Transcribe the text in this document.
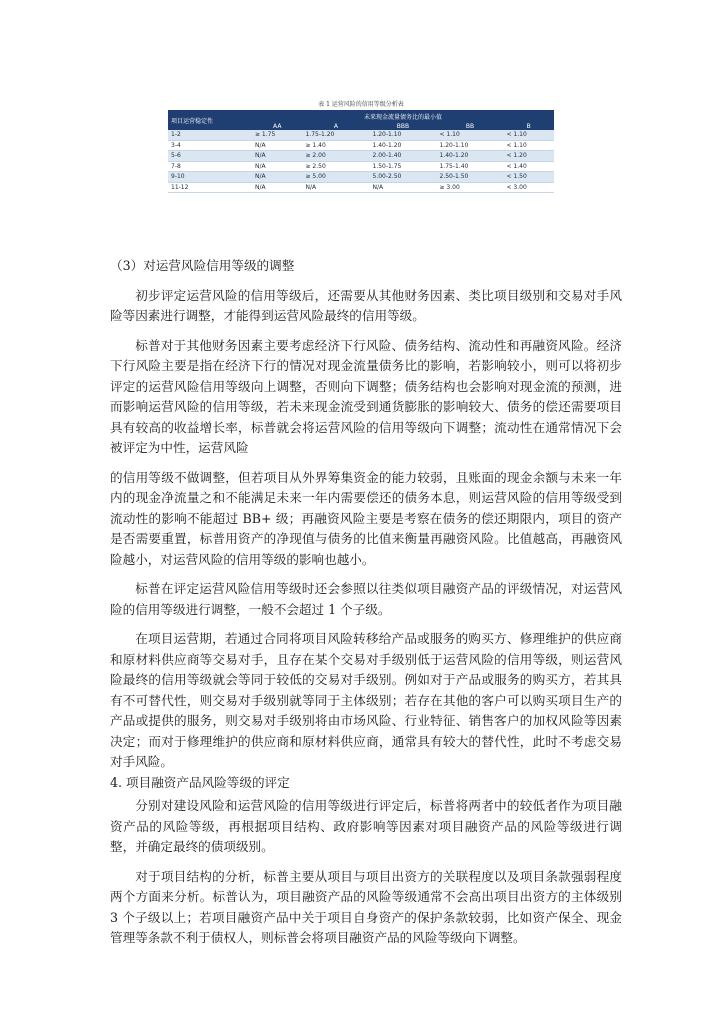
表 1 运营风险的信用等级分析表
项目运营稳定性	未来现金流量债务比的最小值				
	AA	A	BBB	BB	B
1-2	≥ 1.75	1.75-1.20	1.20-1.10	< 1.10	< 1.10
3-4	N/A	≥ 1.40	1.40-1.20	1.20-1.10	< 1.10
5-6	N/A	≥ 2.00	2.00-1.40	1.40-1.20	< 1.20
7-8	N/A	≥ 2.50	1.50-1.75	1.75-1.40	< 1.40
9-10	N/A	≥ 5.00	5.00-2.50	2.50-1.50	< 1.50
11-12	N/A	N/A	N/A	≥ 3.00	< 3.00

（3）对运营风险信用等级的调整

初步评定运营风险的信用等级后，还需要从其他财务因素、类比项目级别和交易对手风险等因素进行调整，才能得到运营风险最终的信用等级。

标普对于其他财务因素主要考虑经济下行风险、债务结构、流动性和再融资风险。经济下行风险主要是指在经济下行的情况对现金流量债务比的影响，若影响较小，则可以将初步评定的运营风险信用等级向上调整，否则向下调整；债务结构也会影响对现金流的预测，进而影响运营风险的信用等级，若未来现金流受到通货膨胀的影响较大、债务的偿还需要项目具有较高的收益增长率，标普就会将运营风险的信用等级向下调整；流动性在通常情况下会被评定为中性，运营风险

的信用等级不做调整，但若项目从外界筹集资金的能力较弱，且账面的现金余额与未来一年内的现金净流量之和不能满足未来一年内需要偿还的债务本息，则运营风险的信用等级受到流动性的影响不能超过 BB+ 级；再融资风险主要是考察在债务的偿还期限内，项目的资产是否需要重置，标普用资产的净现值与债务的比值来衡量再融资风险。比值越高，再融资风险越小，对运营风险的信用等级的影响也越小。

标普在评定运营风险信用等级时还会参照以往类似项目融资产品的评级情况，对运营风险的信用等级进行调整，一般不会超过 1 个子级。

在项目运营期，若通过合同将项目风险转移给产品或服务的购买方、修理维护的供应商和原材料供应商等交易对手，且存在某个交易对手级别低于运营风险的信用等级，则运营风险最终的信用等级就会等同于较低的交易对手级别。例如对于产品或服务的购买方，若其具有不可替代性，则交易对手级别就等同于主体级别；若存在其他的客户可以购买项目生产的产品或提供的服务，则交易对手级别将由市场风险、行业特征、销售客户的加权风险等因素决定；而对于修理维护的供应商和原材料供应商，通常具有较大的替代性，此时不考虑交易对手风险。

4. 项目融资产品风险等级的评定

分别对建设风险和运营风险的信用等级进行评定后，标普将两者中的较低者作为项目融资产品的风险等级，再根据项目结构、政府影响等因素对项目融资产品的风险等级进行调整，并确定最终的债项级别。

对于项目结构的分析，标普主要从项目与项目出资方的关联程度以及项目条款强弱程度两个方面来分析。标普认为，项目融资产品的风险等级通常不会高出项目出资方的主体级别 3 个子级以上；若项目融资产品中关于项目自身资产的保护条款较弱，比如资产保全、现金管理等条款不利于债权人，则标普会将项目融资产品的风险等级向下调整。
